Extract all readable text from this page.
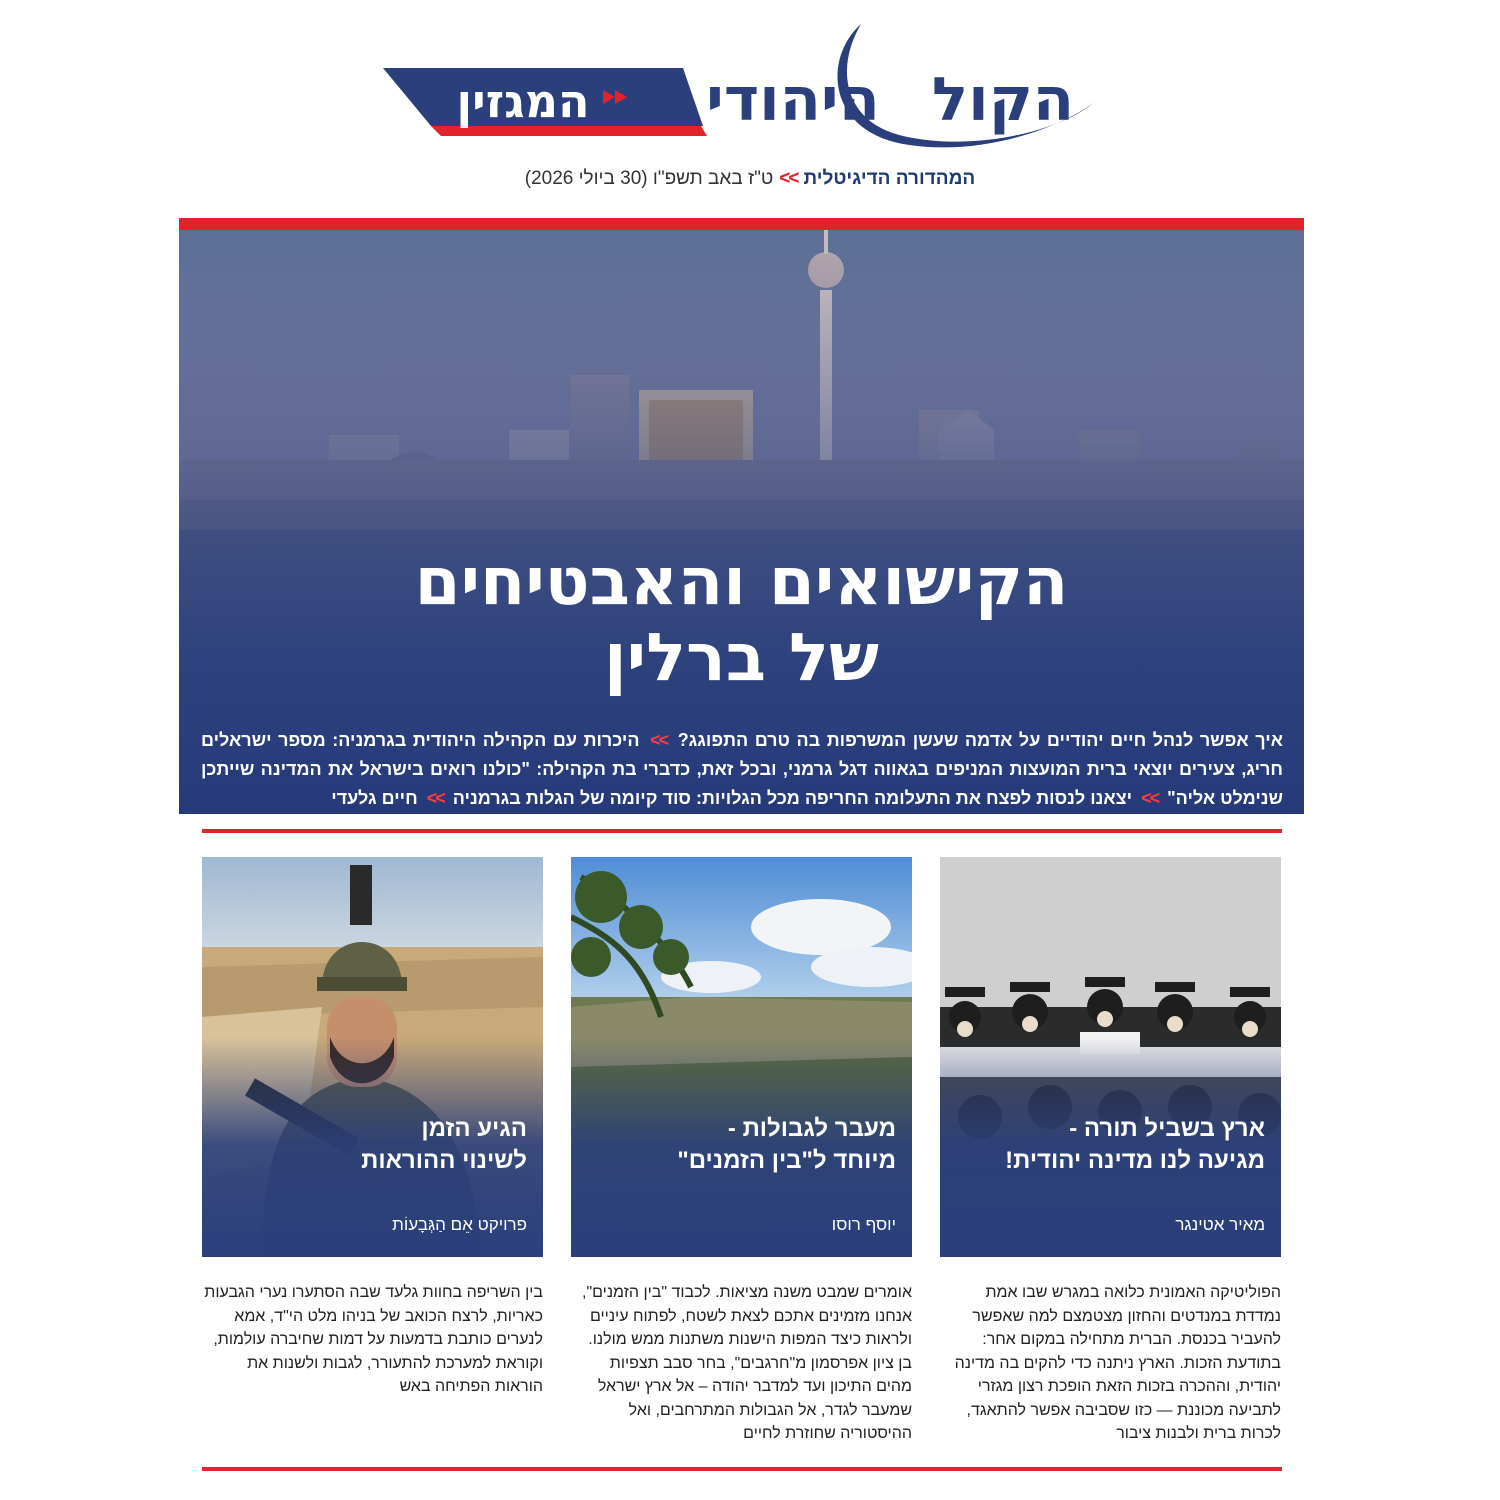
המגזין היהודי הקול
המהדורה הדיגיטלית>>ט"ז באב תשפ"ו (30 ביולי 2026)
הקישואים והאבטיחים
של ברלין
איך אפשר לנהל חיים יהודיים על אדמה שעשן המשרפות בה טרם התפוגג? >> היכרות עם הקהילה היהודית בגרמניה: מספר ישראלים חריג, צעירים יוצאי ברית המועצות המניפים בגאווה דגל גרמני, ובכל זאת, כדברי בת הקהילה: "כולנו רואים בישראל את המדינה שייתכן שנימלט אליה" >> יצאנו לנסות לפצח את התעלומה החריפה מכל הגלויות: סוד קיומה של הגלות בגרמניה >> חיים גלעדי
ארץ בשביל תורה -
מגיעה לנו מדינה יהודית!
מאיר אטינגר
מעבר לגבולות -
מיוחד ל"בין הזמנים"
יוסף רוסו
הגיע הזמן
לשינוי ההוראות
פרויקט אֵם הַגְּבָעוֹת
הפוליטיקה האמונית כלואה במגרש שבו אמת נמדדת במנדטים והחזון מצטמצם למה שאפשר להעביר בכנסת. הברית מתחילה במקום אחר: בתודעת הזכות. הארץ ניתנה כדי להקים בה מדינה יהודית, וההכרה בזכות הזאת הופכת רצון מגזרי לתביעה מכוננת — כזו שסביבה אפשר להתאגד, לכרות ברית ולבנות ציבור
אומרים שמבט משנה מציאות. לכבוד "בין הזמנים", אנחנו מזמינים אתכם לצאת לשטח, לפתוח עיניים ולראות כיצד המפות הישנות משתנות ממש מולנו. בן ציון אפרסמון מ"חרגבים", בחר סבב תצפיות מהים התיכון ועד למדבר יהודה – אל ארץ ישראל שמעבר לגדר, אל הגבולות המתרחבים, ואל ההיסטוריה שחוזרת לחיים
בין השריפה בחוות גלעד שבה הסתערו נערי הגבעות כאריות, לרצח הכואב של בניהו מלט הי"ד, אמא לנערים כותבת בדמעות על דמות שחיברה עולמות, וקוראת למערכת להתעורר, לגבות ולשנות את הוראות הפתיחה באש
